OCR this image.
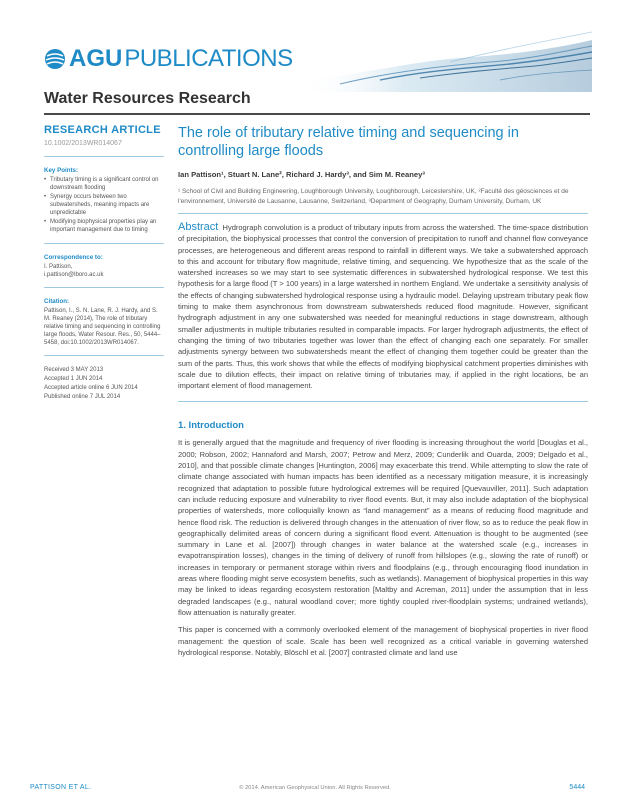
AGU PUBLICATIONS
Water Resources Research
RESEARCH ARTICLE
10.1002/2013WR014067
Key Points:
• Tributary timing is a significant control on downstream flooding
• Synergy occurs between two subwatersheds, meaning impacts are unpredictable
• Modifying biophysical properties play an important management due to timing
Correspondence to:
I. Pattison,
i.pattison@lboro.ac.uk
Citation:
Pattison, I., S. N. Lane, R. J. Hardy, and S. M. Reaney (2014), The role of tributary relative timing and sequencing in controlling large floods, Water Resour. Res., 50, 5444–5458, doi:10.1002/2013WR014067.
Received 3 MAY 2013
Accepted 1 JUN 2014
Accepted article online 6 JUN 2014
Published online 7 JUL 2014
The role of tributary relative timing and sequencing in controlling large floods
Ian Pattison¹, Stuart N. Lane², Richard J. Hardy³, and Sim M. Reaney³
¹ School of Civil and Building Engineering, Loughborough University, Loughborough, Leicestershire, UK, ²Faculté des géosciences et de l'environnement, Université de Lausanne, Lausanne, Switzerland, ³Department of Geography, Durham University, Durham, UK
Abstract Hydrograph convolution is a product of tributary inputs from across the watershed. The time-space distribution of precipitation, the biophysical processes that control the conversion of precipitation to runoff and channel flow conveyance processes, are heterogeneous and different areas respond to rainfall in different ways. We take a subwatershed approach to this and account for tributary flow magnitude, relative timing, and sequencing. We hypothesize that as the scale of the watershed increases so we may start to see systematic differences in subwatershed hydrological response. We test this hypothesis for a large flood (T > 100 years) in a large watershed in northern England. We undertake a sensitivity analysis of the effects of changing subwatershed hydrological response using a hydraulic model. Delaying upstream tributary peak flow timing to make them asynchronous from downstream subwatersheds reduced flood magnitude. However, significant hydrograph adjustment in any one subwatershed was needed for meaningful reductions in stage downstream, although smaller adjustments in multiple tributaries resulted in comparable impacts. For larger hydrograph adjustments, the effect of changing the timing of two tributaries together was lower than the effect of changing each one separately. For smaller adjustments synergy between two subwatersheds meant the effect of changing them together could be greater than the sum of the parts. Thus, this work shows that while the effects of modifying biophysical catchment properties diminishes with scale due to dilution effects, their impact on relative timing of tributaries may, if applied in the right locations, be an important element of flood management.
1. Introduction
It is generally argued that the magnitude and frequency of river flooding is increasing throughout the world [Douglas et al., 2000; Robson, 2002; Hannaford and Marsh, 2007; Petrow and Merz, 2009; Cunderlik and Ouarda, 2009; Delgado et al., 2010], and that possible climate changes [Huntington, 2006] may exacerbate this trend. While attempting to slow the rate of climate change associated with human impacts has been identified as a necessary mitigation measure, it is increasingly recognized that adaptation to possible future hydrological extremes will be required [Quevauviller, 2011]. Such adaptation can include reducing exposure and vulnerability to river flood events. But, it may also include adaptation of the biophysical properties of watersheds, more colloquially known as “land management” as a means of reducing flood magnitude and hence flood risk. The reduction is delivered through changes in the attenuation of river flow, so as to reduce the peak flow in geographically delimited areas of concern during a significant flood event. Attenuation is thought to be augmented (see summary in Lane et al. [2007]) through changes in water balance at the watershed scale (e.g., increases in evapotranspiration losses), changes in the timing of delivery of runoff from hillslopes (e.g., slowing the rate of runoff) or increases in temporary or permanent storage within rivers and floodplains (e.g., through encouraging flood inundation in areas where flooding might serve ecosystem benefits, such as wetlands). Management of biophysical properties in this way may be linked to ideas regarding ecosystem restoration [Maltby and Acreman, 2011] under the assumption that in less degraded landscapes (e.g., natural woodland cover; more tightly coupled river-floodplain systems; undrained wetlands), flow attenuation is naturally greater.
This paper is concerned with a commonly overlooked element of the management of biophysical properties in river flood management: the question of scale. Scale has been well recognized as a critical variable in governing watershed hydrological response. Notably, Blöschl et al. [2007] contrasted climate and land use
PATTISON ET AL.	© 2014. American Geophysical Union. All Rights Reserved.	5444
